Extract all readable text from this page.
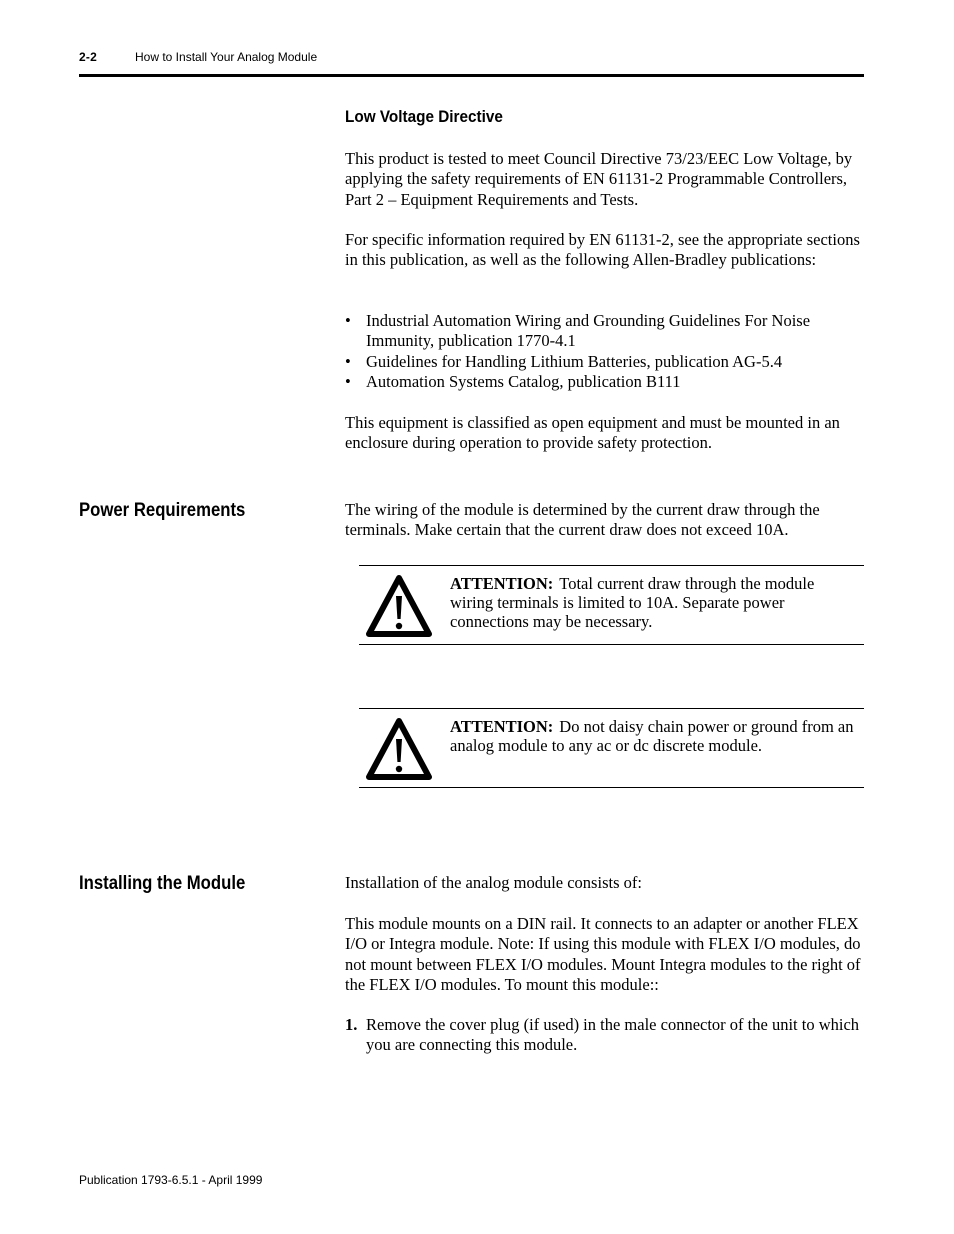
2-2	How to Install Your Analog Module
Low Voltage Directive
This product is tested to meet Council Directive 73/23/EEC Low Voltage, by applying the safety requirements of EN 61131-2 Programmable Controllers, Part 2 – Equipment Requirements and Tests.
For specific information required by EN 61131-2, see the appropriate sections in this publication, as well as the following Allen-Bradley publications:
• Industrial Automation Wiring and Grounding Guidelines For Noise Immunity, publication 1770-4.1
• Guidelines for Handling Lithium Batteries, publication AG-5.4
• Automation Systems Catalog, publication B111
This equipment is classified as open equipment and must be mounted in an enclosure during operation to provide safety protection.
Power Requirements	The wiring of the module is determined by the current draw through the terminals. Make certain that the current draw does not exceed 10A.
ATTENTION: Total current draw through the module wiring terminals is limited to 10A. Separate power connections may be necessary.
ATTENTION: Do not daisy chain power or ground from an analog module to any ac or dc discrete module.
Installing the Module	Installation of the analog module consists of:
This module mounts on a DIN rail. It connects to an adapter or another FLEX I/O or Integra module. Note: If using this module with FLEX I/O modules, do not mount between FLEX I/O modules. Mount Integra modules to the right of the FLEX I/O modules. To mount this module::
1. Remove the cover plug (if used) in the male connector of the unit to which you are connecting this module.
Publication 1793-6.5.1 - April 1999
